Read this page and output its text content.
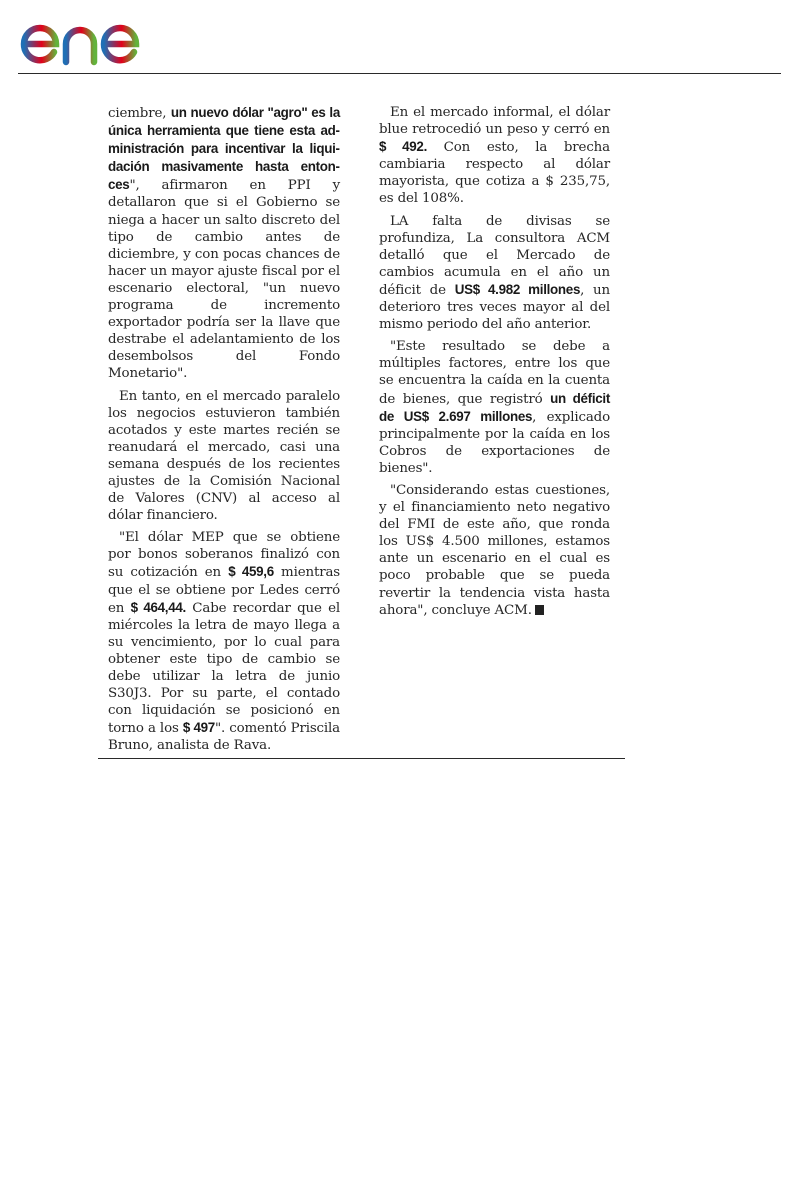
ciembre, un nuevo dólar "agro" es la única herramienta que tiene esta administración para incentivar la liquidación masivamente hasta entonces", afirmaron en PPI y detallaron que si el Gobierno se niega a hacer un salto discreto del tipo de cambio antes de diciembre, y con pocas chances de hacer un mayor ajuste fiscal por el escenario electoral, "un nuevo programa de incremento exportador podría ser la llave que destrabe el adelantamiento de los desembolsos del Fondo Monetario".

En tanto, en el mercado paralelo los negocios estuvieron también acotados y este martes recién se reanudará el mercado, casi una semana después de los recientes ajustes de la Comisión Nacional de Valores (CNV) al acceso al dólar financiero.

"El dólar MEP que se obtiene por bonos soberanos finalizó con su cotización en $ 459,6 mientras que el se obtiene por Ledes cerró en $ 464,44. Cabe recordar que el miércoles la letra de mayo llega a su vencimiento, por lo cual para obtener este tipo de cambio se debe utilizar la letra de junio S30J3. Por su parte, el contado con liquidación se posicionó en torno a los $ 497". comentó Priscila Bruno, analista de Rava.

En el mercado informal, el dólar blue retrocedió un peso y cerró en $ 492. Con esto, la brecha cambiaria respecto al dólar mayorista, que cotiza a $ 235,75, es del 108%.

LA falta de divisas se profundiza, La consultora ACM detalló que el Mercado de cambios acumula en el año un déficit de US$ 4.982 millones, un deterioro tres veces mayor al del mismo periodo del año anterior.

"Este resultado se debe a múltiples factores, entre los que se encuentra la caída en la cuenta de bienes, que registró un déficit de US$ 2.697 millones, explicado principalmente por la caída en los Cobros de exportaciones de bienes".

"Considerando estas cuestiones, y el financiamiento neto negativo del FMI de este año, que ronda los US$ 4.500 millones, estamos ante un escenario en el cual es poco probable que se pueda revertir la tendencia vista hasta ahora", concluye ACM.
